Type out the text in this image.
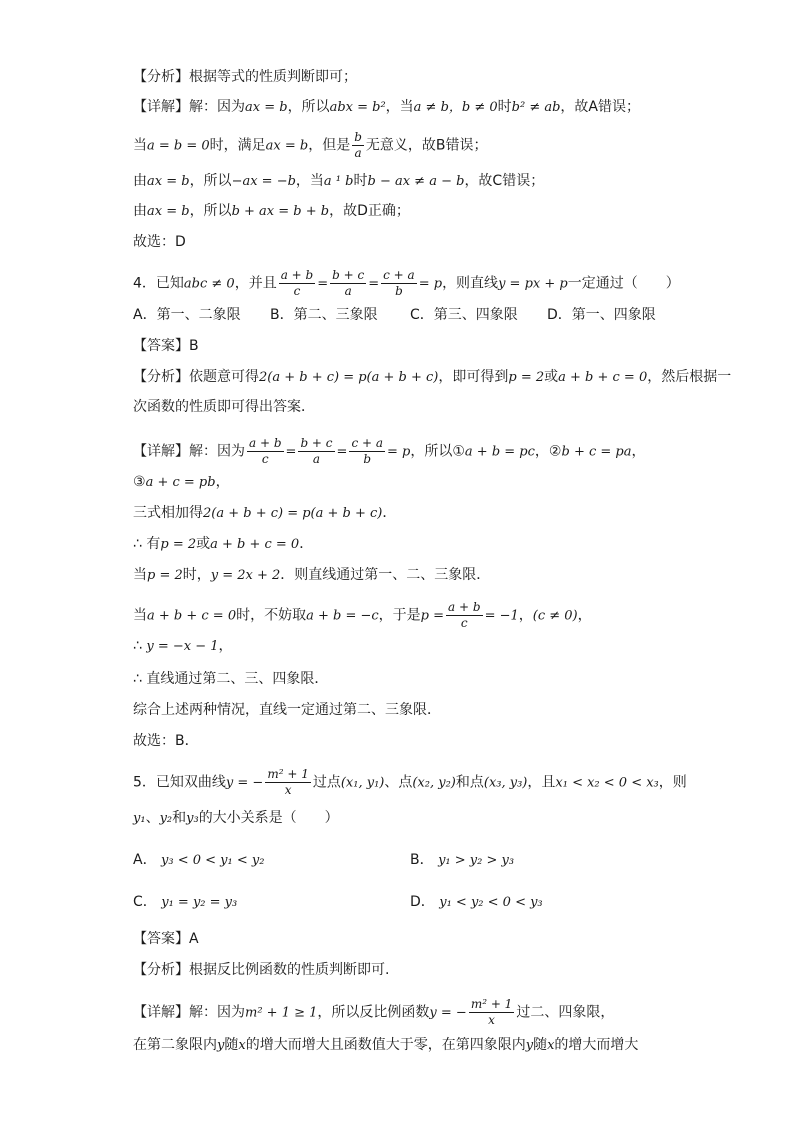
【分析】根据等式的性质判断即可；
【详解】解：因为ax = b，所以abx = b²，当a ≠ b，b ≠ 0时b² ≠ ab，故A错误；
当a = b = 0时，满足ax = b，但是 $\frac{b}{a}$ 无意义，故B错误；
由ax = b，所以−ax = −b，当a ¹ b时b − ax ≠ a − b，故C错误；
由ax = b，所以b + ax = b + b，故D正确；
故选：D
4．已知abc ≠ 0，并且 $\frac{a + b}{c} = \frac{b + c}{a} = \frac{c + a}{b} = p$，则直线y = px + p一定通过（　　）
A．第一、二象限 B．第二、三象限 C．第三、四象限 D．第一、四象限
【答案】B
【分析】依题意可得2(a + b + c) = p(a + b + c)，即可得到p = 2或a + b + c = 0，然后根据一
次函数的性质即可得出答案．
【详解】解：因为 $\frac{a + b}{c} = \frac{b + c}{a} = \frac{c + a}{b} = p$，所以①a + b = pc，②b + c = pa，
③a + c = pb，
三式相加得2(a + b + c) = p(a + b + c)．
∴ 有p = 2或a + b + c = 0．
当p = 2时，y = 2x + 2．则直线通过第一、二、三象限．
当a + b + c = 0时，不妨取a + b = −c，于是$p = \frac{a + b}{c} = -1$，(c ≠ 0)，
∴ y = −x − 1，
∴ 直线通过第二、三、四象限．
综合上述两种情况，直线一定通过第二、三象限．
故选：B．
5．已知双曲线y = − $\frac{\text{m² + 1}}{x}$ 过点(x₁, y₁)、点(x₂, y₂)和点(x₃, y₃)，且x₁ < x₂ < 0 < x₃，则
y₁、y₂和y₃的大小关系是（　　）
A． y₃ < 0 < y₁ < y₂	B． y₁ > y₂ > y₃
C． y₁ = y₂ = y₃	D． y₁ < y₂ < 0 < y₃
【答案】A
【分析】根据反比例函数的性质判断即可.
【详解】解：因为m² + 1 ≥ 1，所以反比例函数y = − $\frac{\text{m² + 1}}{x}$ 过二、四象限，
在第二象限内y随x的增大而增大且函数值大于零，在第四象限内y随x的增大而增大
